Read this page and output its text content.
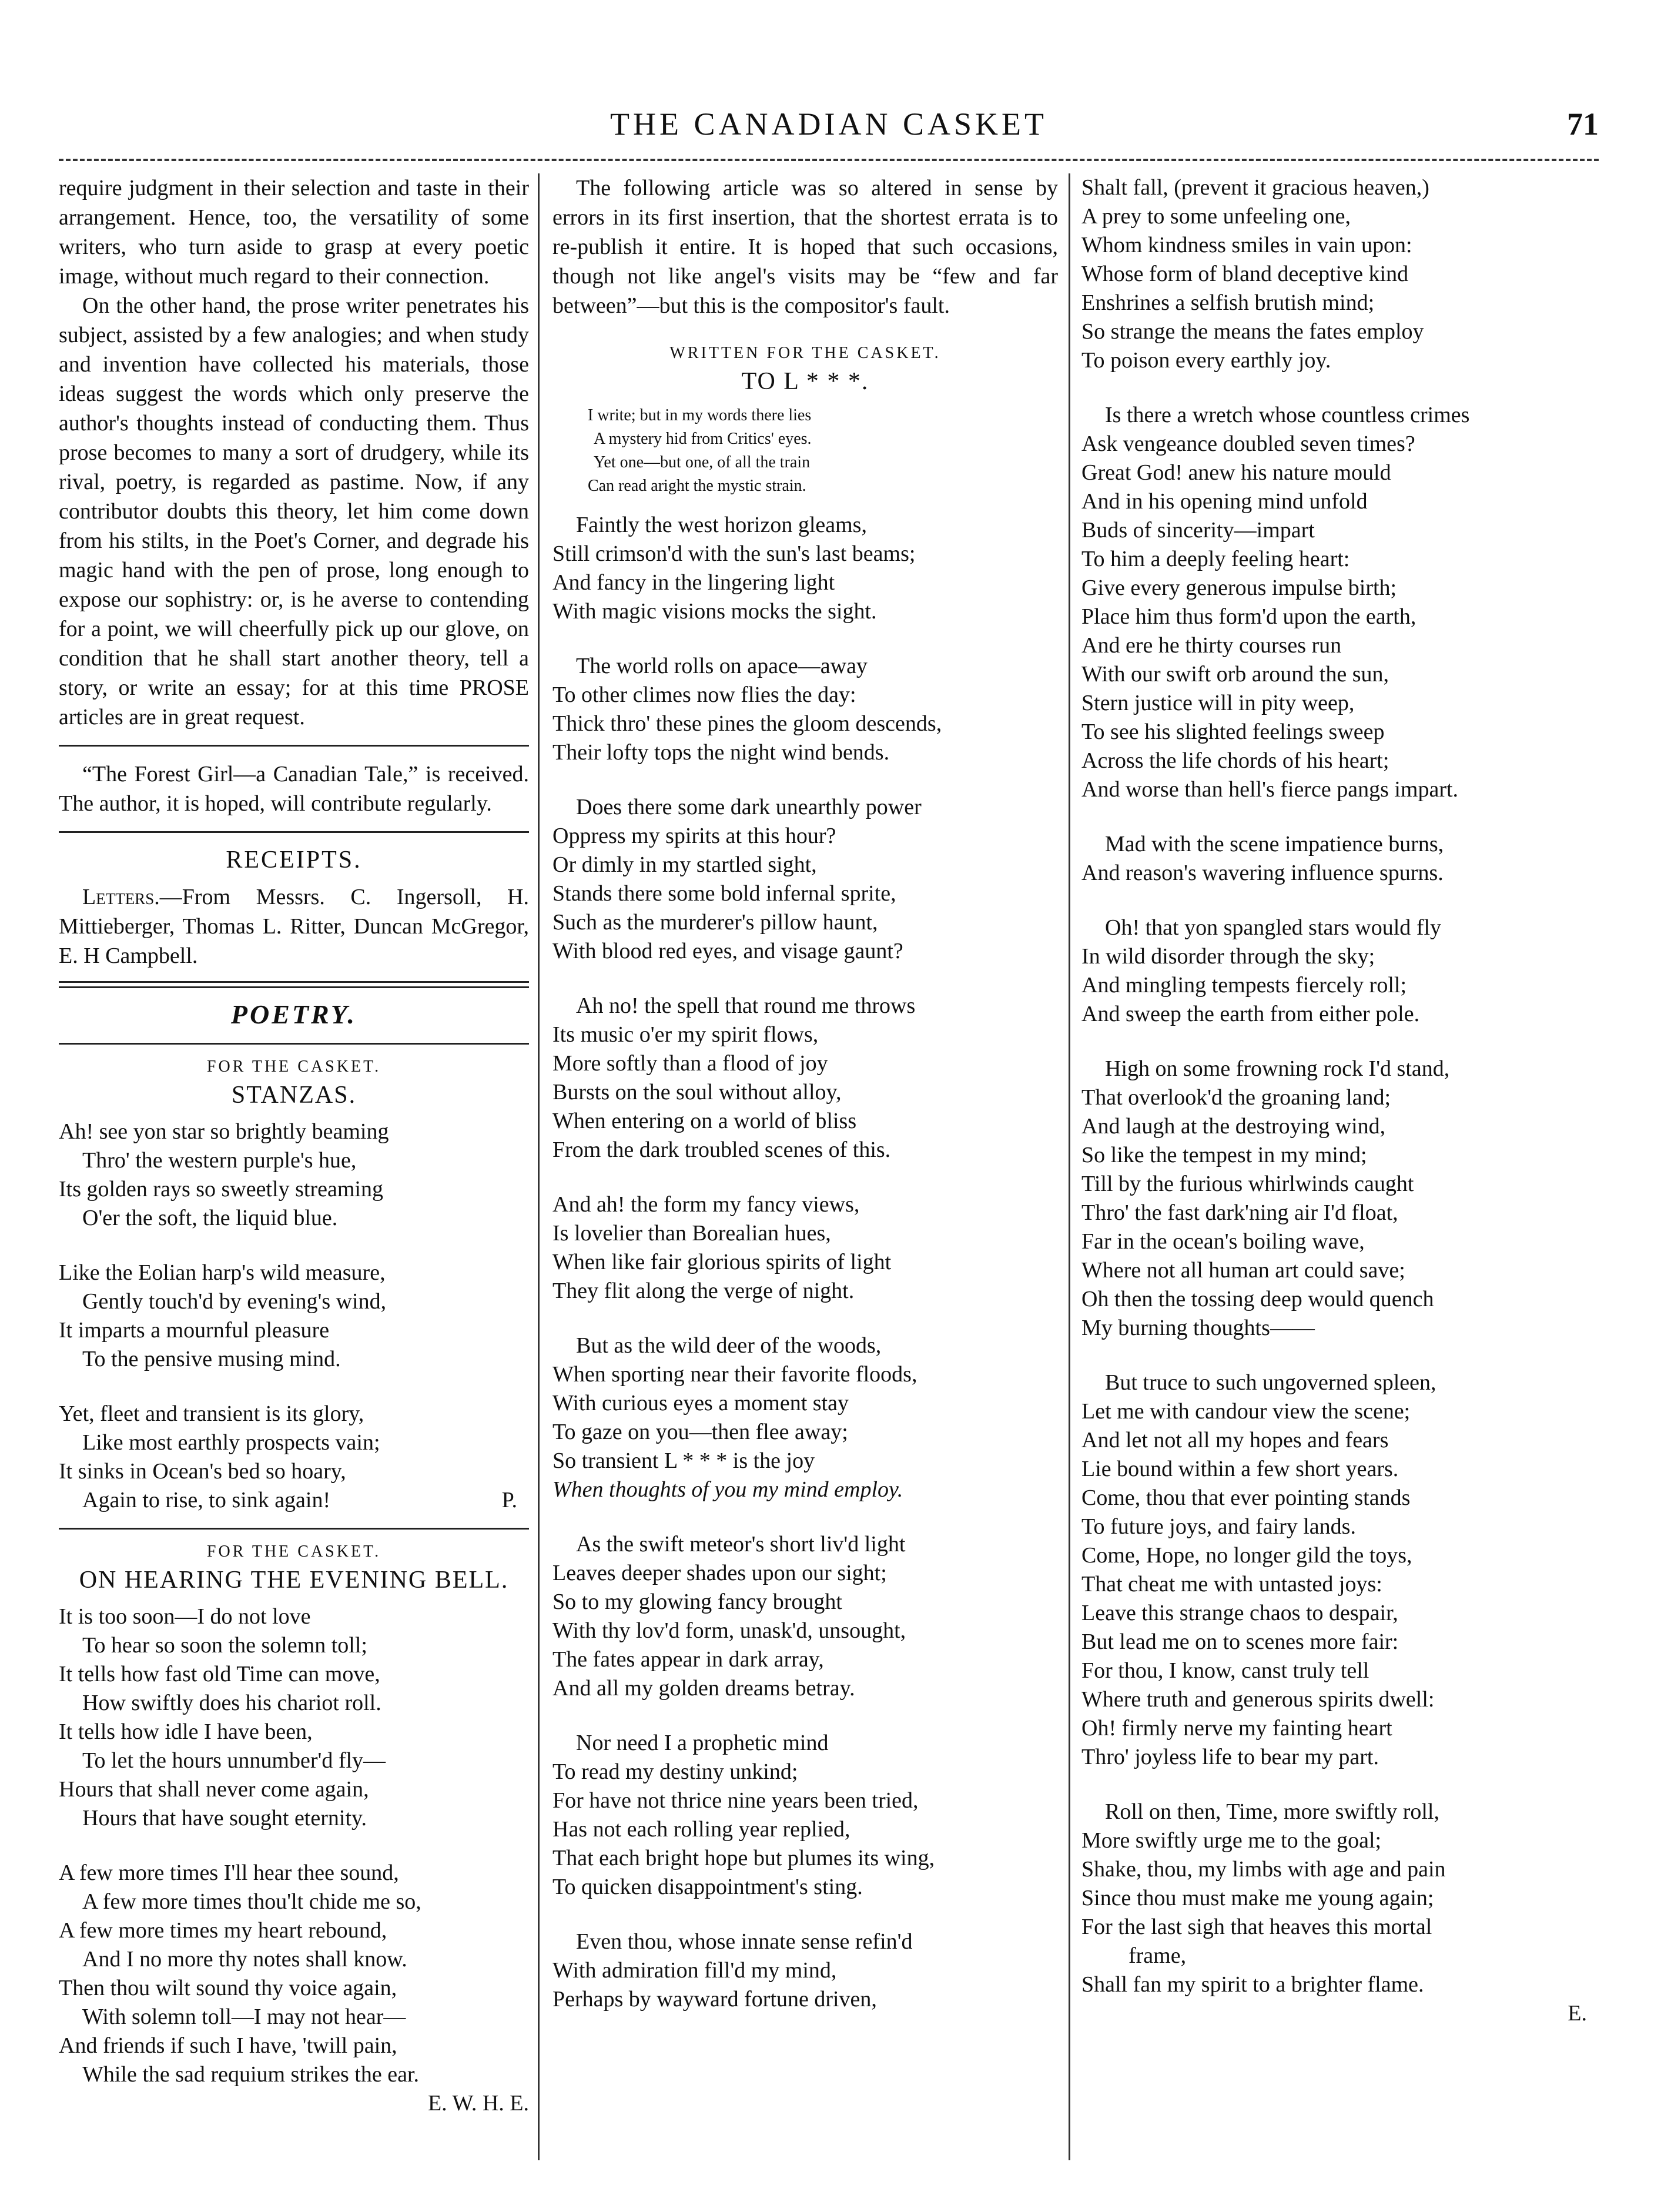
THE CANADIAN CASKET	71

require judgment in their selection and taste in their arrangement. Hence, too, the versatility of some writers, who turn aside to grasp at every poetic image, without much regard to their connection.

On the other hand, the prose writer penetrates his subject, assisted by a few analogies; and when study and invention have collected his materials, those ideas suggest the words which only preserve the author's thoughts instead of conducting them. Thus prose becomes to many a sort of drudgery, while its rival, poetry, is regarded as pastime. Now, if any contributor doubts this theory, let him come down from his stilts, in the Poet's Corner, and degrade his magic hand with the pen of prose, long enough to expose our sophistry: or, is he averse to contending for a point, we will cheerfully pick up our glove, on condition that he shall start another theory, tell a story, or write an essay; for at this time PROSE articles are in great request.

“The Forest Girl—a Canadian Tale,” is received. The author, it is hoped, will contribute regularly.

RECEIPTS.

Letters.—From Messrs. C. Ingersoll, H. Mittieberger, Thomas L. Ritter, Duncan McGregor, E. H Campbell.

POETRY.
FOR THE CASKET.
STANZAS.
Ah! see yon star so brightly beaming
Thro' the western purple's hue,
Its golden rays so sweetly streaming
O'er the soft, the liquid blue.
Like the Eolian harp's wild measure,
Gently touch'd by evening's wind,
It imparts a mournful pleasure
To the pensive musing mind.
Yet, fleet and transient is its glory,
Like most earthly prospects vain;
It sinks in Ocean's bed so hoary,
Again to rise, to sink again!	P.
FOR THE CASKET.
ON HEARING THE EVENING BELL.
It is too soon—I do not love
To hear so soon the solemn toll;
It tells how fast old Time can move,
How swiftly does his chariot roll.
It tells how idle I have been,
To let the hours unnumber'd fly—
Hours that shall never come again,
Hours that have sought eternity.
A few more times I'll hear thee sound,
A few more times thou'lt chide me so,
A few more times my heart rebound,
And I no more thy notes shall know.
Then thou wilt sound thy voice again,
With solemn toll—I may not hear—
And friends if such I have, 'twill pain,
While the sad requium strikes the ear.
E. W. H. E.

The following article was so altered in sense by errors in its first insertion, that the shortest errata is to re-publish it entire. It is hoped that such occasions, though not like angel's visits may be “few and far between”—but this is the compositor's fault.

WRITTEN FOR THE CASKET.
TO L * * *.
I write; but in my words there lies
A mystery hid from Critics' eyes.
Yet one—but one, of all the train
Can read aright the mystic strain.
Faintly the west horizon gleams,
Still crimson'd with the sun's last beams;
And fancy in the lingering light
With magic visions mocks the sight.
The world rolls on apace—away
To other climes now flies the day:
Thick thro' these pines the gloom descends,
Their lofty tops the night wind bends.
Does there some dark unearthly power
Oppress my spirits at this hour?
Or dimly in my startled sight,
Stands there some bold infernal sprite,
Such as the murderer's pillow haunt,
With blood red eyes, and visage gaunt?
Ah no! the spell that round me throws
Its music o'er my spirit flows,
More softly than a flood of joy
Bursts on the soul without alloy,
When entering on a world of bliss
From the dark troubled scenes of this.
And ah! the form my fancy views,
Is lovelier than Borealian hues,
When like fair glorious spirits of light
They flit along the verge of night.
But as the wild deer of the woods,
When sporting near their favorite floods,
With curious eyes a moment stay
To gaze on you—then flee away;
So transient L * * * is the joy
When thoughts of you my mind employ.
As the swift meteor's short liv'd light
Leaves deeper shades upon our sight;
So to my glowing fancy brought
With thy lov'd form, unask'd, unsought,
The fates appear in dark array,
And all my golden dreams betray.
Nor need I a prophetic mind
To read my destiny unkind;
For have not thrice nine years been tried,
Has not each rolling year replied,
That each bright hope but plumes its wing,
To quicken disappointment's sting.
Even thou, whose innate sense refin'd
With admiration fill'd my mind,
Perhaps by wayward fortune driven,
Shalt fall, (prevent it gracious heaven,)
A prey to some unfeeling one,
Whom kindness smiles in vain upon:
Whose form of bland deceptive kind
Enshrines a selfish brutish mind;
So strange the means the fates employ
To poison every earthly joy.
Is there a wretch whose countless crimes
Ask vengeance doubled seven times?
Great God! anew his nature mould
And in his opening mind unfold
Buds of sincerity—impart
To him a deeply feeling heart:
Give every generous impulse birth;
Place him thus form'd upon the earth,
And ere he thirty courses run
With our swift orb around the sun,
Stern justice will in pity weep,
To see his slighted feelings sweep
Across the life chords of his heart;
And worse than hell's fierce pangs impart.
Mad with the scene impatience burns,
And reason's wavering influence spurns.
Oh! that yon spangled stars would fly
In wild disorder through the sky;
And mingling tempests fiercely roll;
And sweep the earth from either pole.
High on some frowning rock I'd stand,
That overlook'd the groaning land;
And laugh at the destroying wind,
So like the tempest in my mind;
Till by the furious whirlwinds caught
Thro' the fast dark'ning air I'd float,
Far in the ocean's boiling wave,
Where not all human art could save;
Oh then the tossing deep would quench
My burning thoughts——
But truce to such ungoverned spleen,
Let me with candour view the scene;
And let not all my hopes and fears
Lie bound within a few short years.
Come, thou that ever pointing stands
To future joys, and fairy lands.
Come, Hope, no longer gild the toys,
That cheat me with untasted joys:
Leave this strange chaos to despair,
But lead me on to scenes more fair:
For thou, I know, canst truly tell
Where truth and generous spirits dwell:
Oh! firmly nerve my fainting heart
Thro' joyless life to bear my part.
Roll on then, Time, more swiftly roll,
More swiftly urge me to the goal;
Shake, thou, my limbs with age and pain
Since thou must make me young again;
For the last sigh that heaves this mortal
frame,
Shall fan my spirit to a brighter flame.
E.
